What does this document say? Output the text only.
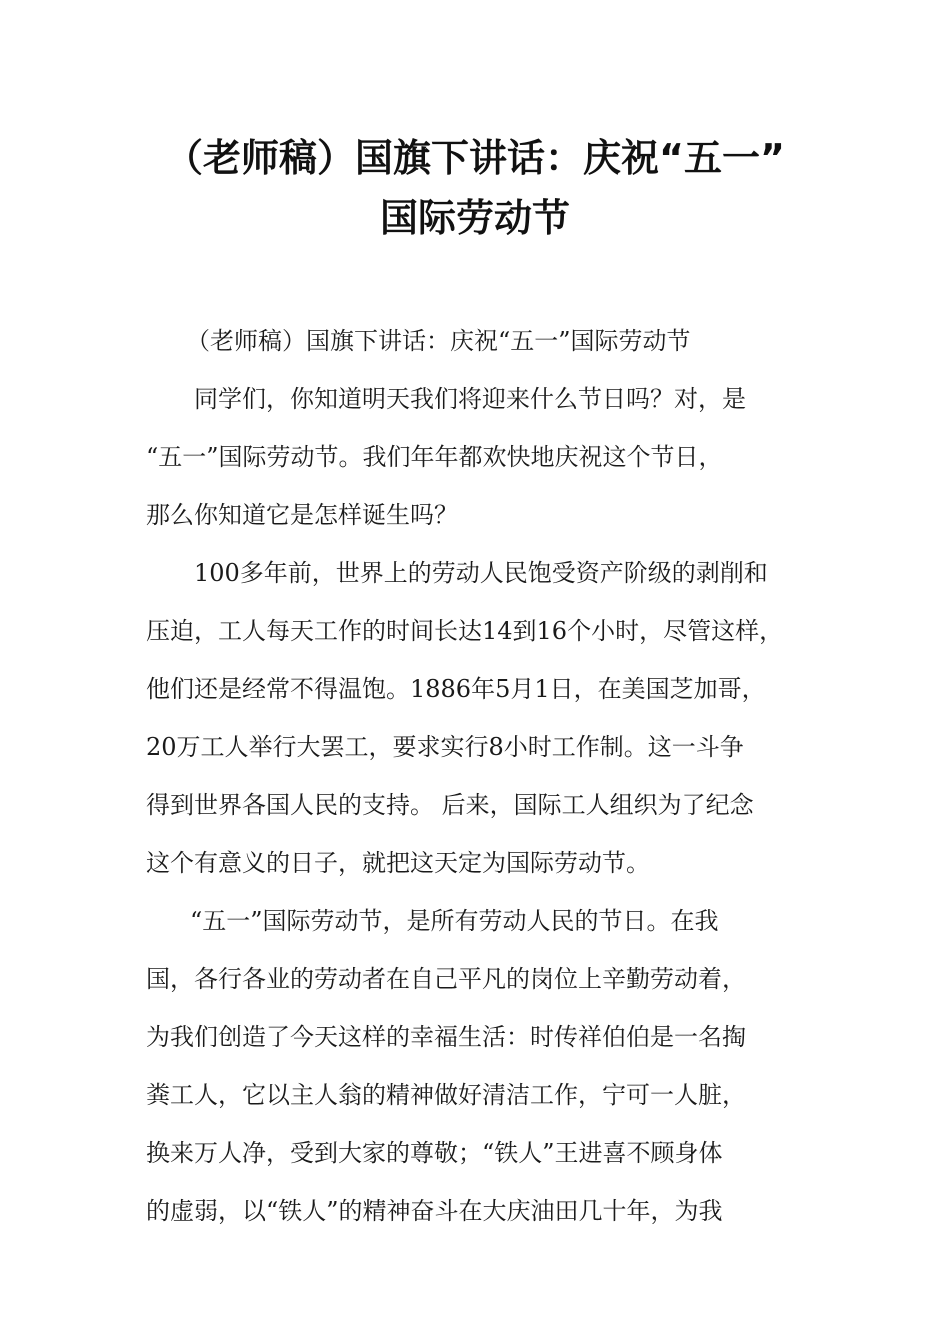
（老师稿）国旗下讲话：庆祝“五一”
国际劳动节
（老师稿）国旗下讲话：庆祝“五一”国际劳动节
同学们，你知道明天我们将迎来什么节日吗？对，是
“五一”国际劳动节。我们年年都欢快地庆祝这个节日，
那么你知道它是怎样诞生吗？
100多年前，世界上的劳动人民饱受资产阶级的剥削和
压迫，工人每天工作的时间长达14到16个小时，尽管这样，
他们还是经常不得温饱。1886年5月1日，在美国芝加哥，
20万工人举行大罢工，要求实行8小时工作制。这一斗争
得到世界各国人民的支持。 后来，国际工人组织为了纪念
这个有意义的日子，就把这天定为国际劳动节。
“五一”国际劳动节，是所有劳动人民的节日。在我
国，各行各业的劳动者在自己平凡的岗位上辛勤劳动着，
为我们创造了今天这样的幸福生活：时传祥伯伯是一名掏
粪工人，它以主人翁的精神做好清洁工作，宁可一人脏，
换来万人净，受到大家的尊敬；“铁人”王进喜不顾身体
的虚弱，以“铁人”的精神奋斗在大庆油田几十年，为我
